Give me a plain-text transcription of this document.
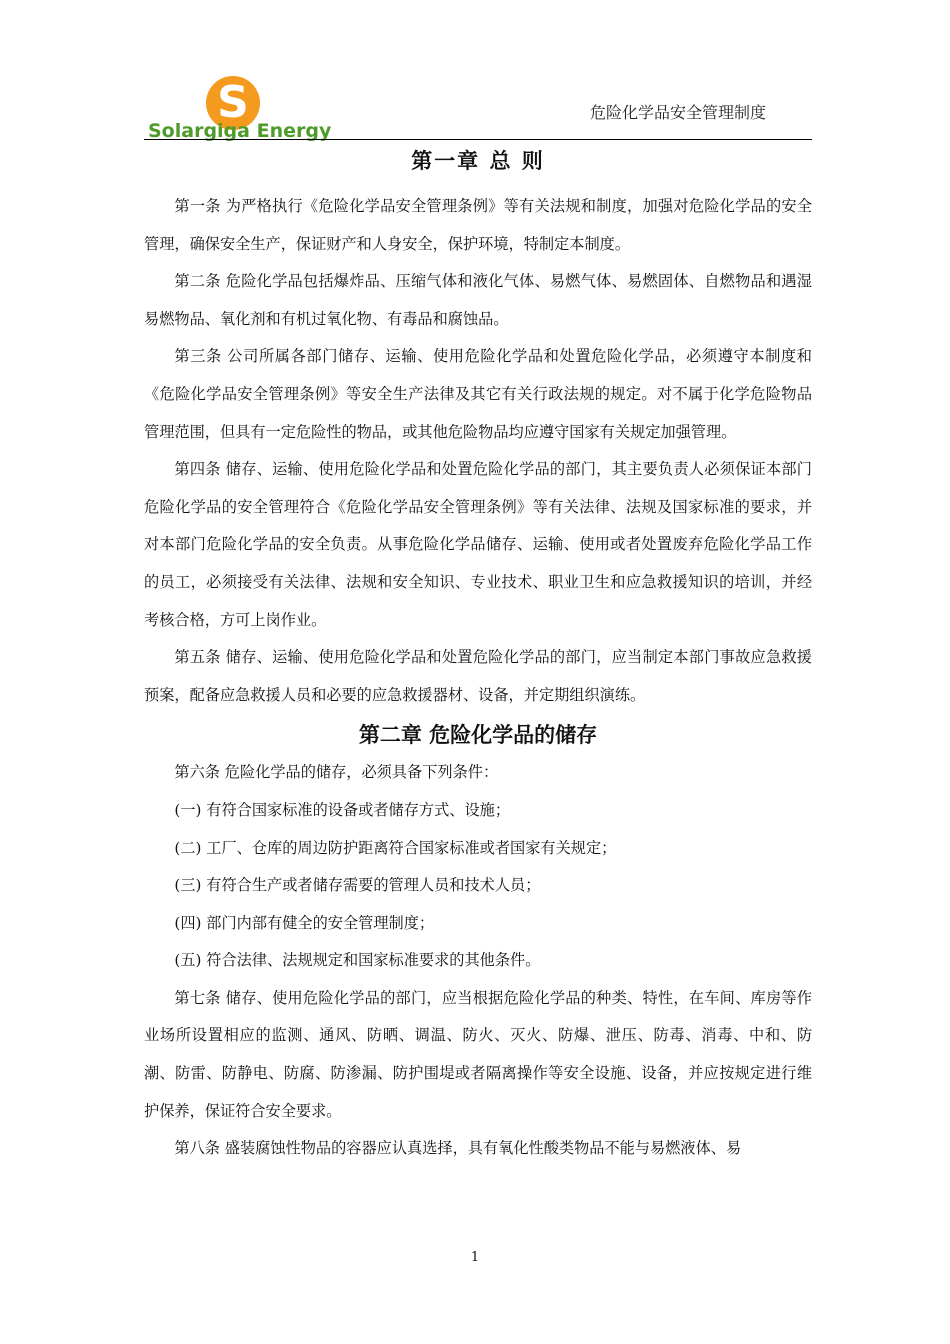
S
Solargiga Energy
危险化学品安全管理制度
第一章 总 则

第一条 为严格执行《危险化学品安全管理条例》等有关法规和制度，加强对危险化学品的安全管理，确保安全生产，保证财产和人身安全，保护环境，特制定本制度。

第二条 危险化学品包括爆炸品、压缩气体和液化气体、易燃气体、易燃固体、自燃物品和遇湿易燃物品、氧化剂和有机过氧化物、有毒品和腐蚀品。

第三条 公司所属各部门储存、运输、使用危险化学品和处置危险化学品，必须遵守本制度和《危险化学品安全管理条例》等安全生产法律及其它有关行政法规的规定。对不属于化学危险物品管理范围，但具有一定危险性的物品，或其他危险物品均应遵守国家有关规定加强管理。

第四条 储存、运输、使用危险化学品和处置危险化学品的部门，其主要负责人必须保证本部门危险化学品的安全管理符合《危险化学品安全管理条例》等有关法律、法规及国家标准的要求，并对本部门危险化学品的安全负责。从事危险化学品储存、运输、使用或者处置废弃危险化学品工作的员工，必须接受有关法律、法规和安全知识、专业技术、职业卫生和应急救援知识的培训，并经考核合格，方可上岗作业。

第五条 储存、运输、使用危险化学品和处置危险化学品的部门，应当制定本部门事故应急救援预案，配备应急救援人员和必要的应急救援器材、设备，并定期组织演练。

第二章 危险化学品的储存

第六条 危险化学品的储存，必须具备下列条件：

(一) 有符合国家标准的设备或者储存方式、设施；

(二) 工厂、仓库的周边防护距离符合国家标准或者国家有关规定；

(三) 有符合生产或者储存需要的管理人员和技术人员；

(四) 部门内部有健全的安全管理制度；

(五) 符合法律、法规规定和国家标准要求的其他条件。

第七条 储存、使用危险化学品的部门，应当根据危险化学品的种类、特性，在车间、库房等作业场所设置相应的监测、通风、防晒、调温、防火、灭火、防爆、泄压、防毒、消毒、中和、防潮、防雷、防静电、防腐、防渗漏、防护围堤或者隔离操作等安全设施、设备，并应按规定进行维护保养，保证符合安全要求。

第八条 盛装腐蚀性物品的容器应认真选择，具有氧化性酸类物品不能与易燃液体、易

1
